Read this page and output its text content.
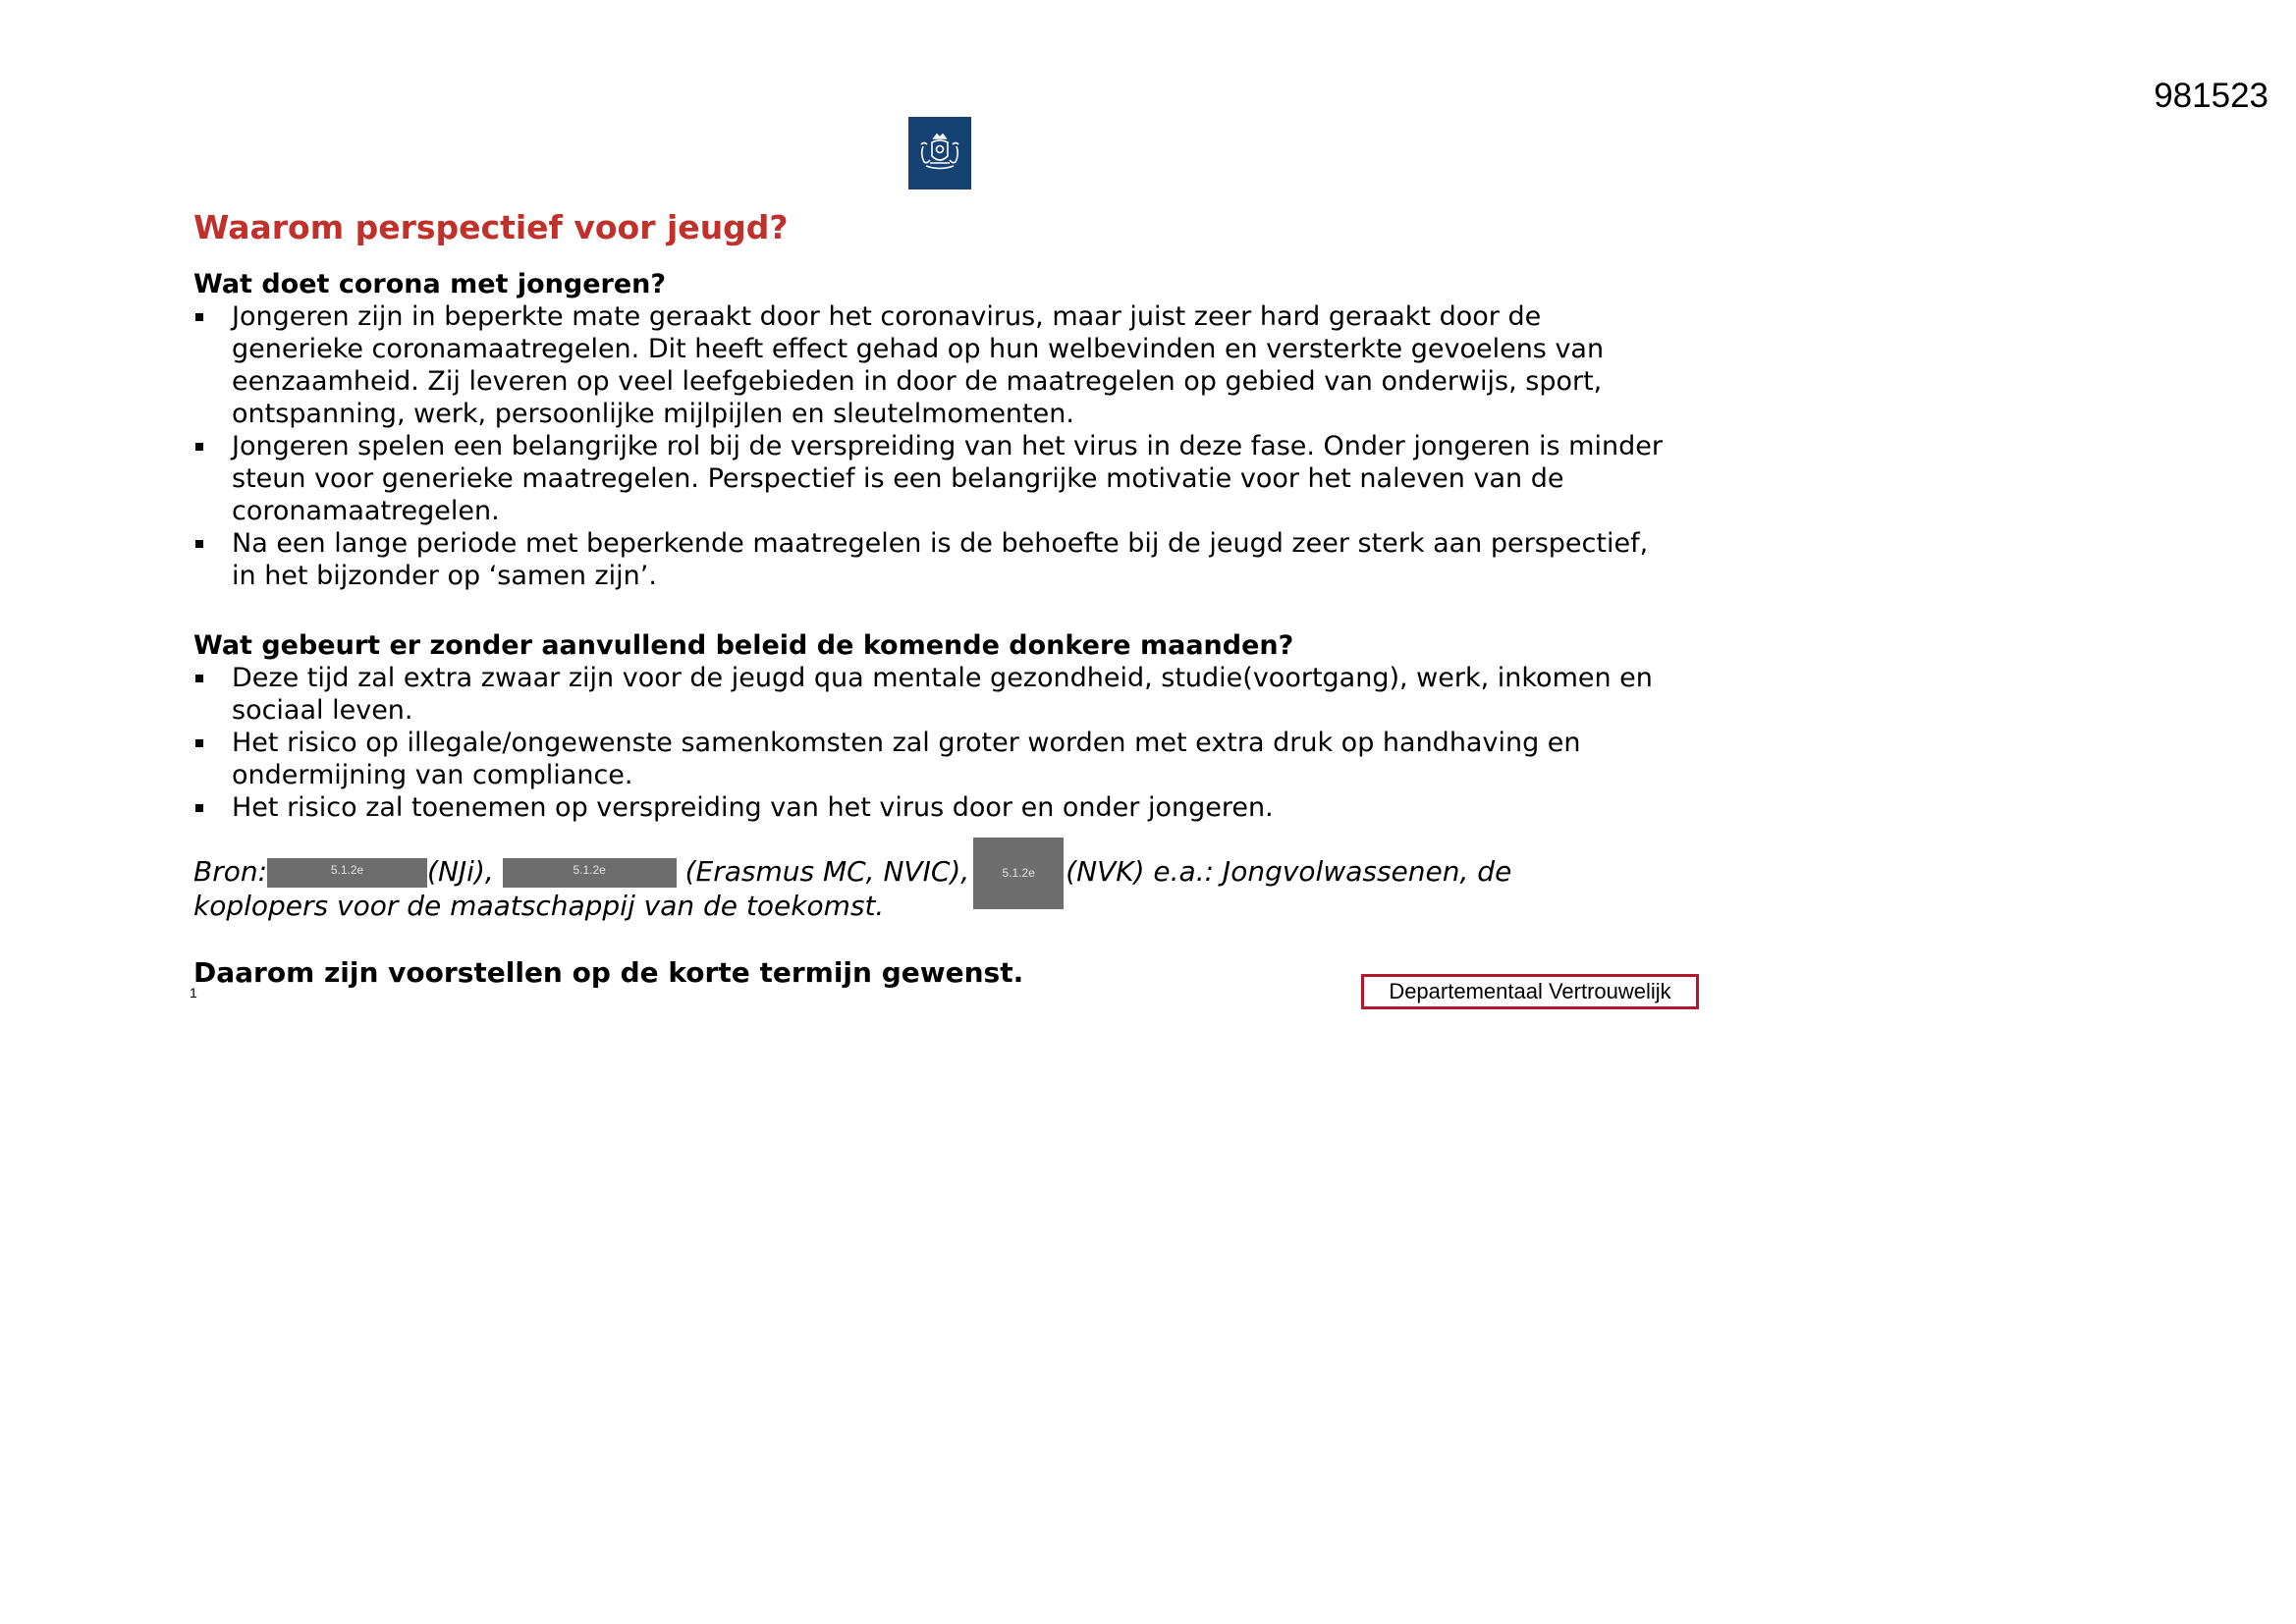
981523
Waarom perspectief voor jeugd?
Wat doet corona met jongeren?
Jongeren zijn in beperkte mate geraakt door het coronavirus, maar juist zeer hard geraakt door de generieke coronamaatregelen. Dit heeft effect gehad op hun welbevinden en versterkte gevoelens van eenzaamheid. Zij leveren op veel leefgebieden in door de maatregelen op gebied van onderwijs, sport, ontspanning, werk, persoonlijke mijlpijlen en sleutelmomenten.
Jongeren spelen een belangrijke rol bij de verspreiding van het virus in deze fase. Onder jongeren is minder steun voor generieke maatregelen. Perspectief is een belangrijke motivatie voor het naleven van de coronamaatregelen.
Na een lange periode met beperkende maatregelen is de behoefte bij de jeugd zeer sterk aan perspectief, in het bijzonder op ‘samen zijn’.
Wat gebeurt er zonder aanvullend beleid de komende donkere maanden?
Deze tijd zal extra zwaar zijn voor de jeugd qua mentale gezondheid, studie(voortgang), werk, inkomen en sociaal leven.
Het risico op illegale/ongewenste samenkomsten zal groter worden met extra druk op handhaving en ondermijning van compliance.
Het risico zal toenemen op verspreiding van het virus door en onder jongeren.
Bron:	5.1.2e (NJi),	5.1.2e	(Erasmus MC, NVIC),	5.1.2e (NVK) e.a.: Jongvolwassenen, de koplopers voor de maatschappij van de toekomst.

Daarom zijn voorstellen op de korte termijn gewenst.

1	Departementaal Vertrouwelijk
